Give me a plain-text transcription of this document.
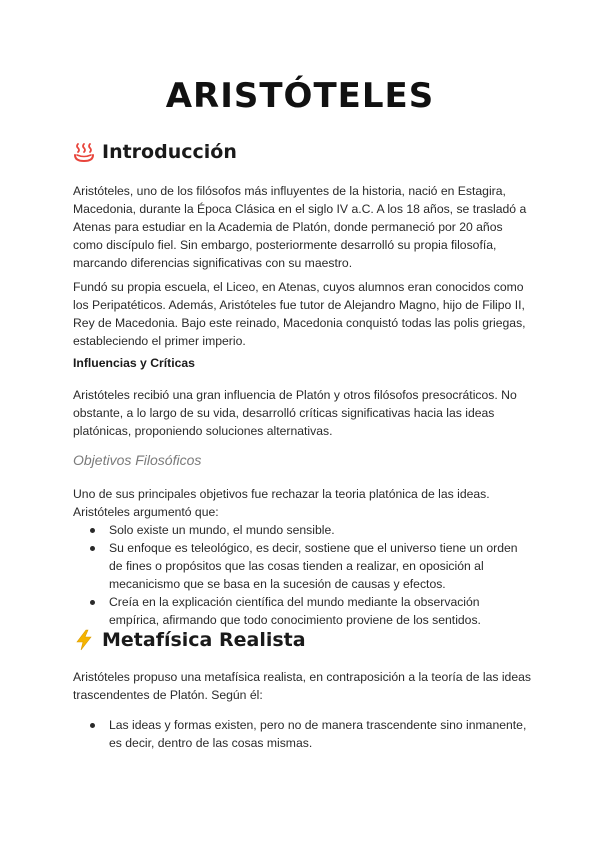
ARISTÓTELES
Introducción
Aristóteles, uno de los filósofos más influyentes de la historia, nació en Estagira, Macedonia, durante la Época Clásica en el siglo IV a.C. A los 18 años, se trasladó a Atenas para estudiar en la Academia de Platón, donde permaneció por 20 años como discípulo fiel. Sin embargo, posteriormente desarrolló su propia filosofía, marcando diferencias significativas con su maestro.
Fundó su propia escuela, el Liceo, en Atenas, cuyos alumnos eran conocidos como los Peripatéticos. Además, Aristóteles fue tutor de Alejandro Magno, hijo de Filipo II, Rey de Macedonia. Bajo este reinado, Macedonia conquistó todas las polis griegas, estableciendo el primer imperio.
Influencias y Críticas
Aristóteles recibió una gran influencia de Platón y otros filósofos presocráticos. No obstante, a lo largo de su vida, desarrolló críticas significativas hacia las ideas platónicas, proponiendo soluciones alternativas.
Objetivos Filosóficos
Uno de sus principales objetivos fue rechazar la teoria platónica de las ideas. Aristóteles argumentó que:
Solo existe un mundo, el mundo sensible.
Su enfoque es teleológico, es decir, sostiene que el universo tiene un orden de fines o propósitos que las cosas tienden a realizar, en oposición al mecanicismo que se basa en la sucesión de causas y efectos.
Creía en la explicación científica del mundo mediante la observación empírica, afirmando que todo conocimiento proviene de los sentidos.
Metafísica Realista
Aristóteles propuso una metafísica realista, en contraposición a la teoría de las ideas trascendentes de Platón. Según él:
Las ideas y formas existen, pero no de manera trascendente sino inmanente, es decir, dentro de las cosas mismas.
